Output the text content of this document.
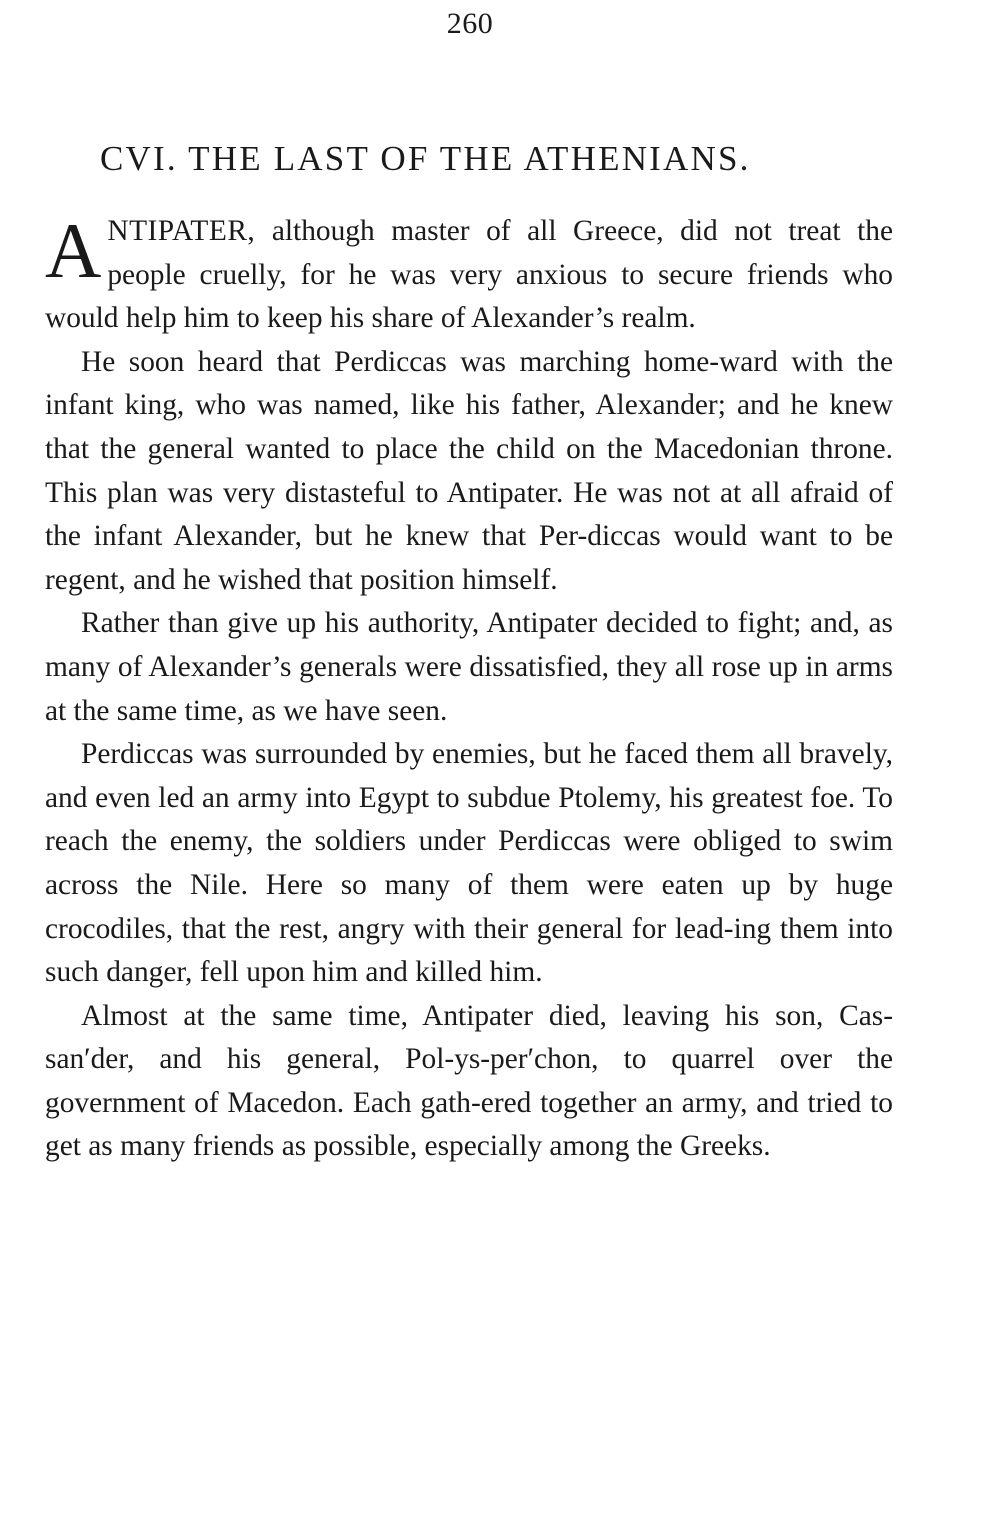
260
CVI. THE LAST OF THE ATHENIANS.

ANTIPATER, although master of all Greece, did not treat the people cruelly, for he was very anxious to secure friends who would help him to keep his share of Alexander’s realm.

He soon heard that Perdiccas was marching home-ward with the infant king, who was named, like his father, Alexander; and he knew that the general wanted to place the child on the Macedonian throne. This plan was very distasteful to Antipater. He was not at all afraid of the infant Alexander, but he knew that Per-diccas would want to be regent, and he wished that position himself.

Rather than give up his authority, Antipater decided to fight; and, as many of Alexander’s generals were dissatisfied, they all rose up in arms at the same time, as we have seen.

Perdiccas was surrounded by enemies, but he faced them all bravely, and even led an army into Egypt to subdue Ptolemy, his greatest foe. To reach the enemy, the soldiers under Perdiccas were obliged to swim across the Nile. Here so many of them were eaten up by huge crocodiles, that the rest, angry with their general for lead-ing them into such danger, fell upon him and killed him.

Almost at the same time, Antipater died, leaving his son, Cas-san′der, and his general, Pol-ys-per′chon, to quarrel over the government of Macedon. Each gath-ered together an army, and tried to get as many friends as possible, especially among the Greeks.
